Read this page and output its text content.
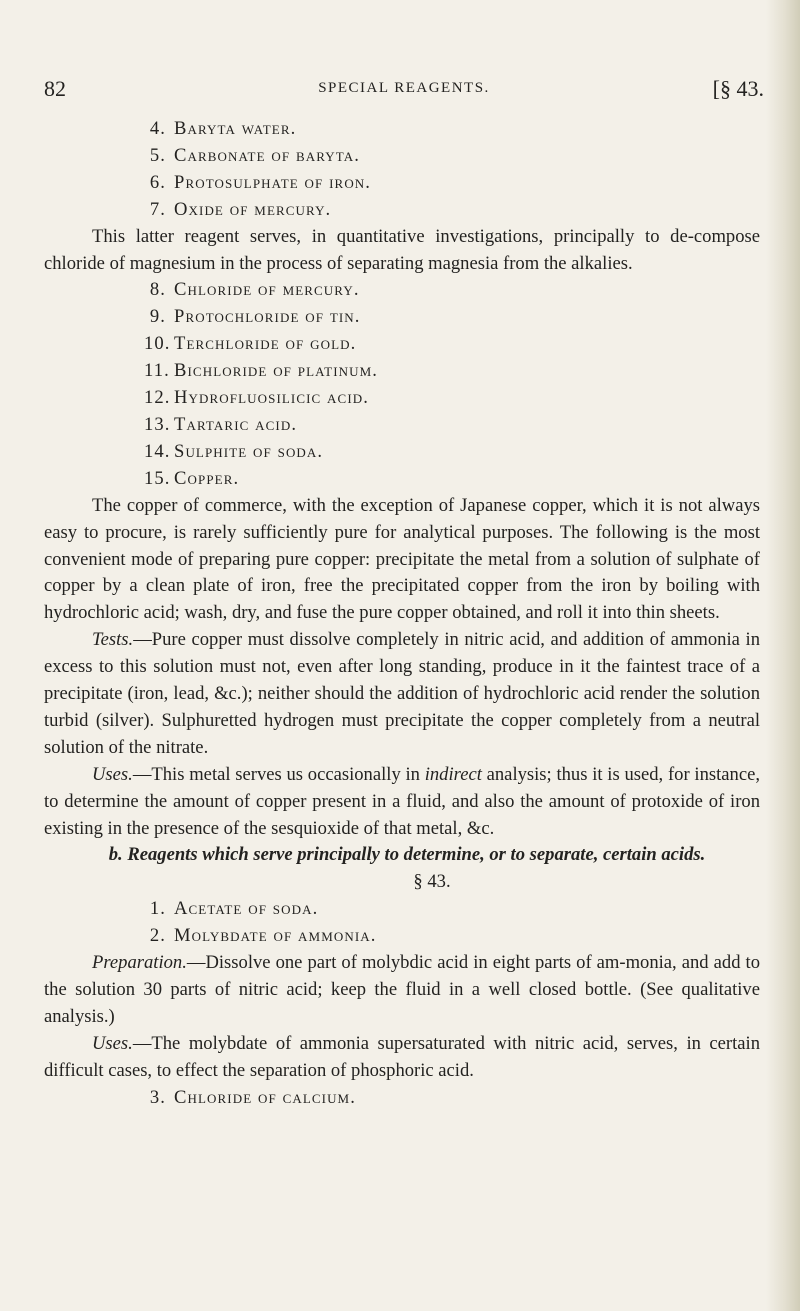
82	SPECIAL REAGENTS.	[§ 43.
4. Baryta water.
5. Carbonate of baryta.
6. Protosulphate of iron.
7. Oxide of mercury.

This latter reagent serves, in quantitative investigations, principally to de-compose chloride of magnesium in the process of separating magnesia from the alkalies.

8. Chloride of mercury.
9. Protochloride of tin.
10. Terchloride of gold.
11. Bichloride of platinum.
12. Hydrofluosilicic acid.
13. Tartaric acid.
14. Sulphite of soda.
15. Copper.

The copper of commerce, with the exception of Japanese copper, which it is not always easy to procure, is rarely sufficiently pure for analytical purposes. The following is the most convenient mode of preparing pure copper: precipitate the metal from a solution of sulphate of copper by a clean plate of iron, free the precipitated copper from the iron by boiling with hydrochloric acid; wash, dry, and fuse the pure copper obtained, and roll it into thin sheets.

Tests.—Pure copper must dissolve completely in nitric acid, and addition of ammonia in excess to this solution must not, even after long standing, produce in it the faintest trace of a precipitate (iron, lead, &c.); neither should the addition of hydrochloric acid render the solution turbid (silver). Sulphuretted hydrogen must precipitate the copper completely from a neutral solution of the nitrate.

Uses.—This metal serves us occasionally in indirect analysis; thus it is used, for instance, to determine the amount of copper present in a fluid, and also the amount of protoxide of iron existing in the presence of the sesquioxide of that metal, &c.

b. Reagents which serve principally to determine, or to separate, certain acids.

§ 43.

1. Acetate of soda.
2. Molybdate of ammonia.

Preparation.—Dissolve one part of molybdic acid in eight parts of am-monia, and add to the solution 30 parts of nitric acid; keep the fluid in a well closed bottle. (See qualitative analysis.)

Uses.—The molybdate of ammonia supersaturated with nitric acid, serves, in certain difficult cases, to effect the separation of phosphoric acid.

3. Chloride of calcium.
